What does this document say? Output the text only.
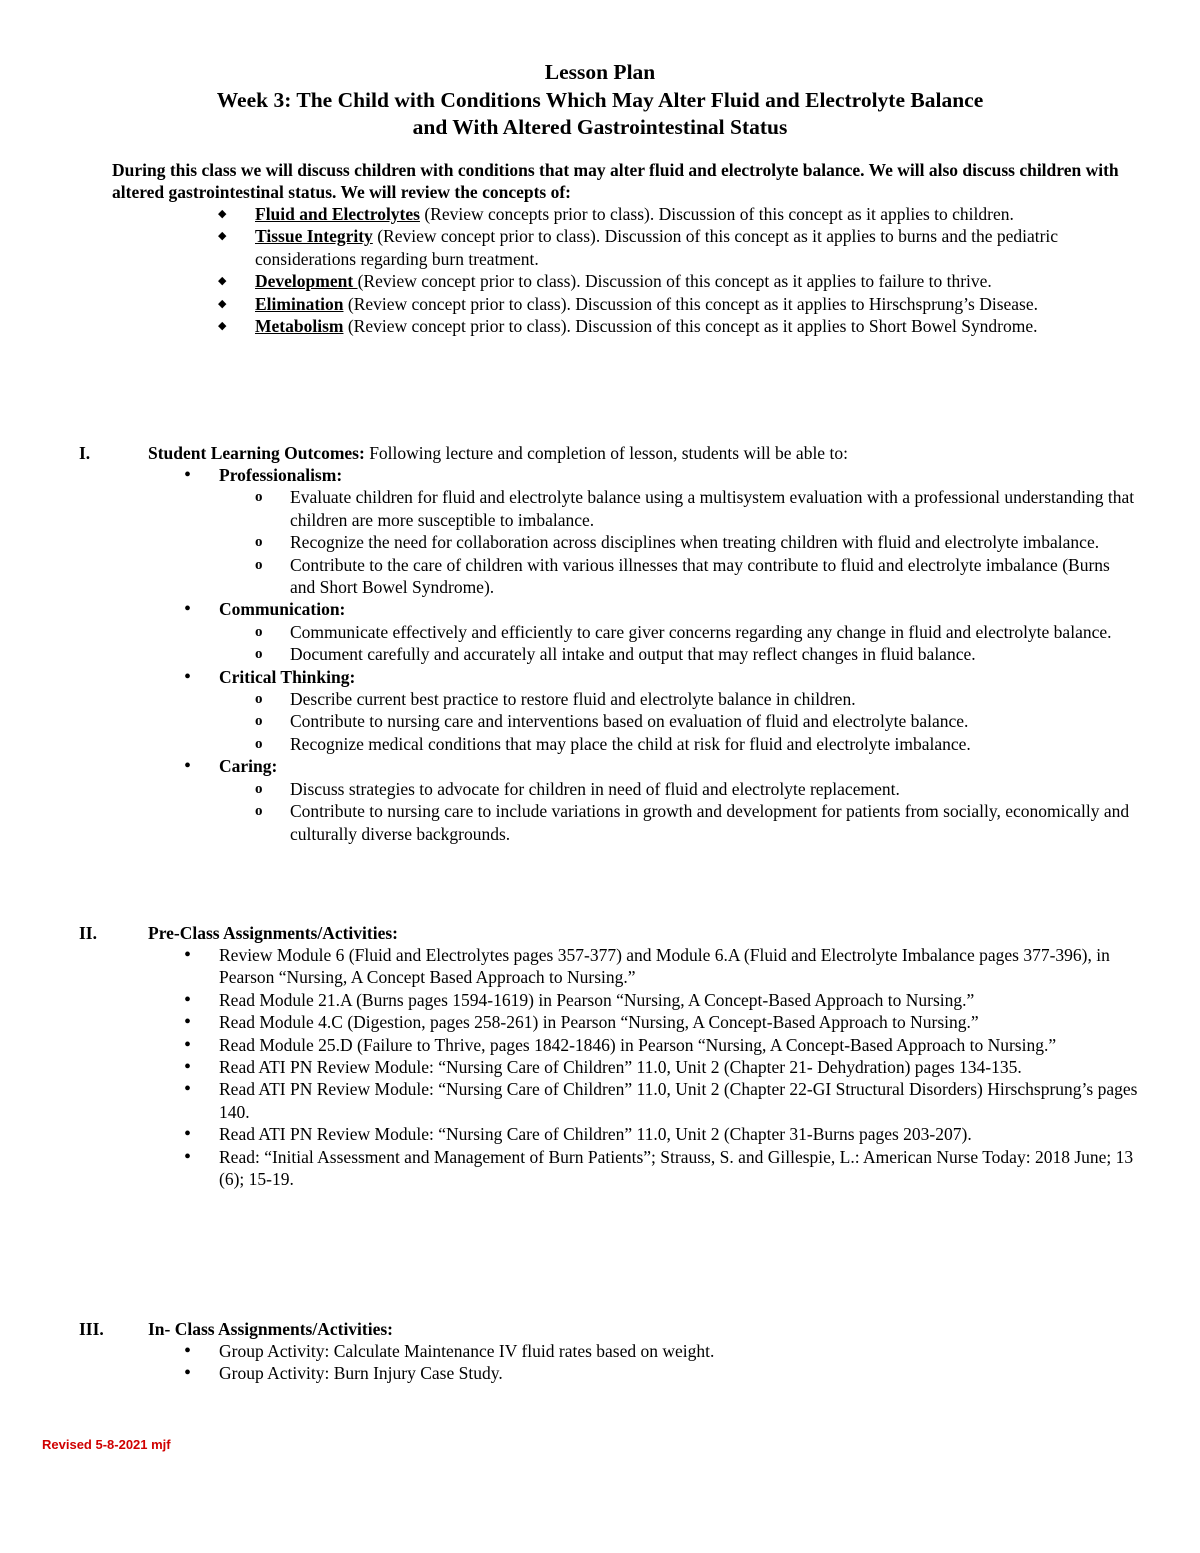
Lesson Plan
Week 3: The Child with Conditions Which May Alter Fluid and Electrolyte Balance
and With Altered Gastrointestinal Status
During this class we will discuss children with conditions that may alter fluid and electrolyte balance. We will also discuss children with altered gastrointestinal status. We will review the concepts of:
◆ Fluid and Electrolytes (Review concepts prior to class). Discussion of this concept as it applies to children.
◆ Tissue Integrity (Review concept prior to class). Discussion of this concept as it applies to burns and the pediatric considerations regarding burn treatment.
◆ Development (Review concept prior to class). Discussion of this concept as it applies to failure to thrive.
◆ Elimination (Review concept prior to class). Discussion of this concept as it applies to Hirschsprung’s Disease.
◆ Metabolism (Review concept prior to class). Discussion of this concept as it applies to Short Bowel Syndrome.
I.	Student Learning Outcomes: Following lecture and completion of lesson, students will be able to:
• Professionalism:
o Evaluate children for fluid and electrolyte balance using a multisystem evaluation with a professional understanding that children are more susceptible to imbalance.
o Recognize the need for collaboration across disciplines when treating children with fluid and electrolyte imbalance.
o Contribute to the care of children with various illnesses that may contribute to fluid and electrolyte imbalance (Burns and Short Bowel Syndrome).
• Communication:
o Communicate effectively and efficiently to care giver concerns regarding any change in fluid and electrolyte balance.
o Document carefully and accurately all intake and output that may reflect changes in fluid balance.
• Critical Thinking:
o Describe current best practice to restore fluid and electrolyte balance in children.
o Contribute to nursing care and interventions based on evaluation of fluid and electrolyte balance.
o Recognize medical conditions that may place the child at risk for fluid and electrolyte imbalance.
• Caring:
o Discuss strategies to advocate for children in need of fluid and electrolyte replacement.
o Contribute to nursing care to include variations in growth and development for patients from socially, economically and culturally diverse backgrounds.
II.	Pre-Class Assignments/Activities:
• Review Module 6 (Fluid and Electrolytes pages 357-377) and Module 6.A (Fluid and Electrolyte Imbalance pages 377-396), in Pearson “Nursing, A Concept Based Approach to Nursing.”
• Read Module 21.A (Burns pages 1594-1619) in Pearson “Nursing, A Concept-Based Approach to Nursing.”
• Read Module 4.C (Digestion, pages 258-261) in Pearson “Nursing, A Concept-Based Approach to Nursing.”
• Read Module 25.D (Failure to Thrive, pages 1842-1846) in Pearson “Nursing, A Concept-Based Approach to Nursing.”
• Read ATI PN Review Module: “Nursing Care of Children” 11.0, Unit 2 (Chapter 21- Dehydration) pages 134-135.
• Read ATI PN Review Module: “Nursing Care of Children” 11.0, Unit 2 (Chapter 22-GI Structural Disorders) Hirschsprung’s pages 140.
• Read ATI PN Review Module: “Nursing Care of Children” 11.0, Unit 2 (Chapter 31-Burns pages 203-207).
• Read: “Initial Assessment and Management of Burn Patients”; Strauss, S. and Gillespie, L.: American Nurse Today: 2018 June; 13 (6); 15-19.
III.	In- Class Assignments/Activities:
• Group Activity: Calculate Maintenance IV fluid rates based on weight.
• Group Activity: Burn Injury Case Study.
Revised 5-8-2021 mjf
